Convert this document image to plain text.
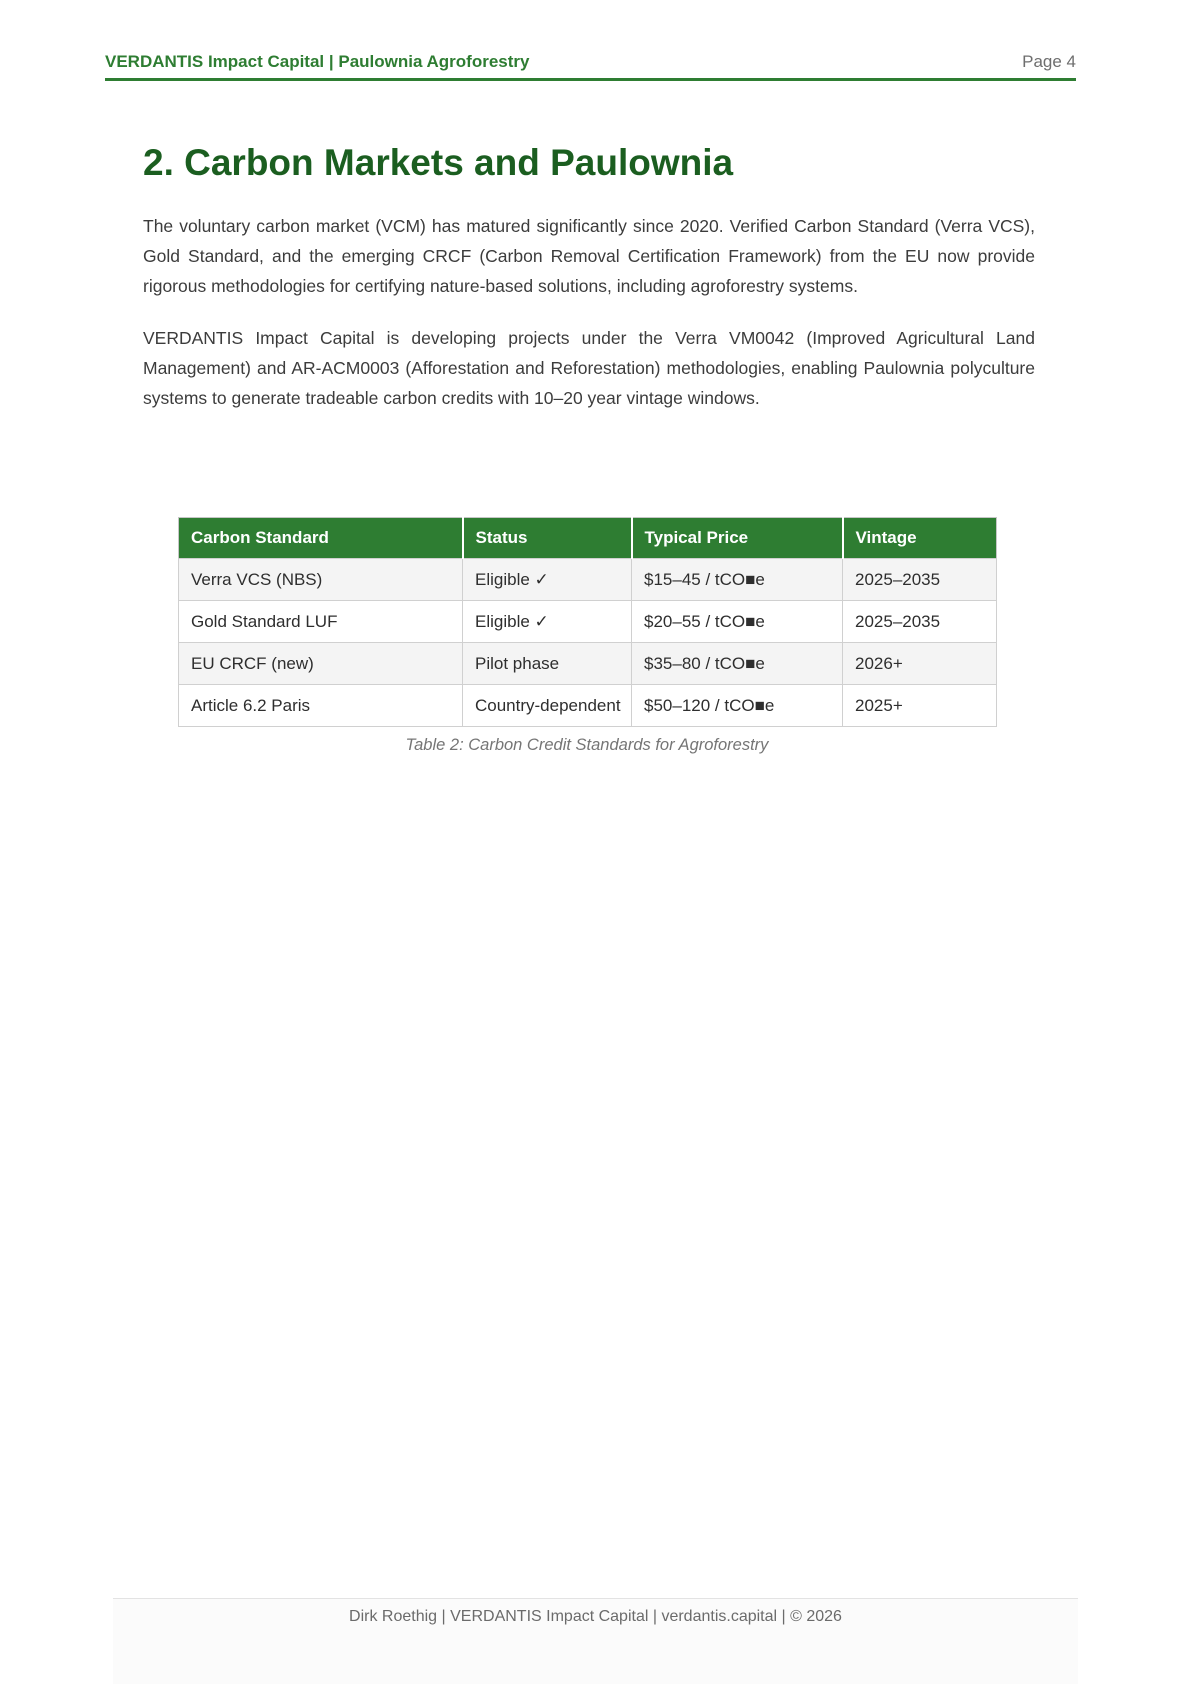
VERDANTIS Impact Capital | Paulownia Agroforestry	Page 4
2. Carbon Markets and Paulownia

The voluntary carbon market (VCM) has matured significantly since 2020. Verified Carbon Standard (Verra VCS), Gold Standard, and the emerging CRCF (Carbon Removal Certification Framework) from the EU now provide rigorous methodologies for certifying nature-based solutions, including agroforestry systems.

VERDANTIS Impact Capital is developing projects under the Verra VM0042 (Improved Agricultural Land Management) and AR-ACM0003 (Afforestation and Reforestation) methodologies, enabling Paulownia polyculture systems to generate tradeable carbon credits with 10–20 year vintage windows.

Carbon Standard	Status	Typical Price	Vintage
Verra VCS (NBS)	Eligible ✓	$15–45 / tCO■e	2025–2035
Gold Standard LUF	Eligible ✓	$20–55 / tCO■e	2025–2035
EU CRCF (new)	Pilot phase	$35–80 / tCO■e	2026+
Article 6.2 Paris	Country-dependent	$50–120 / tCO■e	2025+
Table 2: Carbon Credit Standards for Agroforestry
Dirk Roethig | VERDANTIS Impact Capital | verdantis.capital | © 2026
